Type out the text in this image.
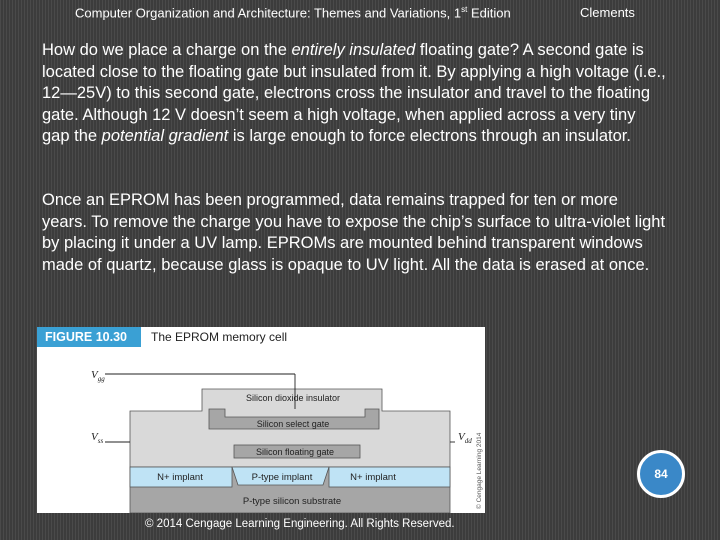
Computer Organization and Architecture: Themes and Variations, 1st Edition	Clements

How do we place a charge on the entirely insulated floating gate? A second gate is located close to the floating gate but insulated from it. By applying a high voltage (i.e., 12—25V) to this second gate, electrons cross the insulator and travel to the floating gate. Although 12 V doesn’t seem a high voltage, when applied across a very tiny gap the potential gradient is large enough to force electrons through an insulator.

Once an EPROM has been programmed, data remains trapped for ten or more years. To remove the charge you have to expose the chip’s surface to ultra-violet light by placing it under a UV lamp. EPROMs are mounted behind transparent windows made of quartz, because glass is opaque to UV light. All the data is erased at once.

FIGURE 10.30	The EPROM memory cell
$V_{gg}$
$V_{ss}$	$V_{dd}$
Silicon dioxide insulator
Silicon select gate
Silicon floating gate
N+ implant	P-type implant	N+ implant
P-type silicon substrate	© Cengage Learning 2014
© 2014 Cengage Learning Engineering. All Rights Reserved.
84
